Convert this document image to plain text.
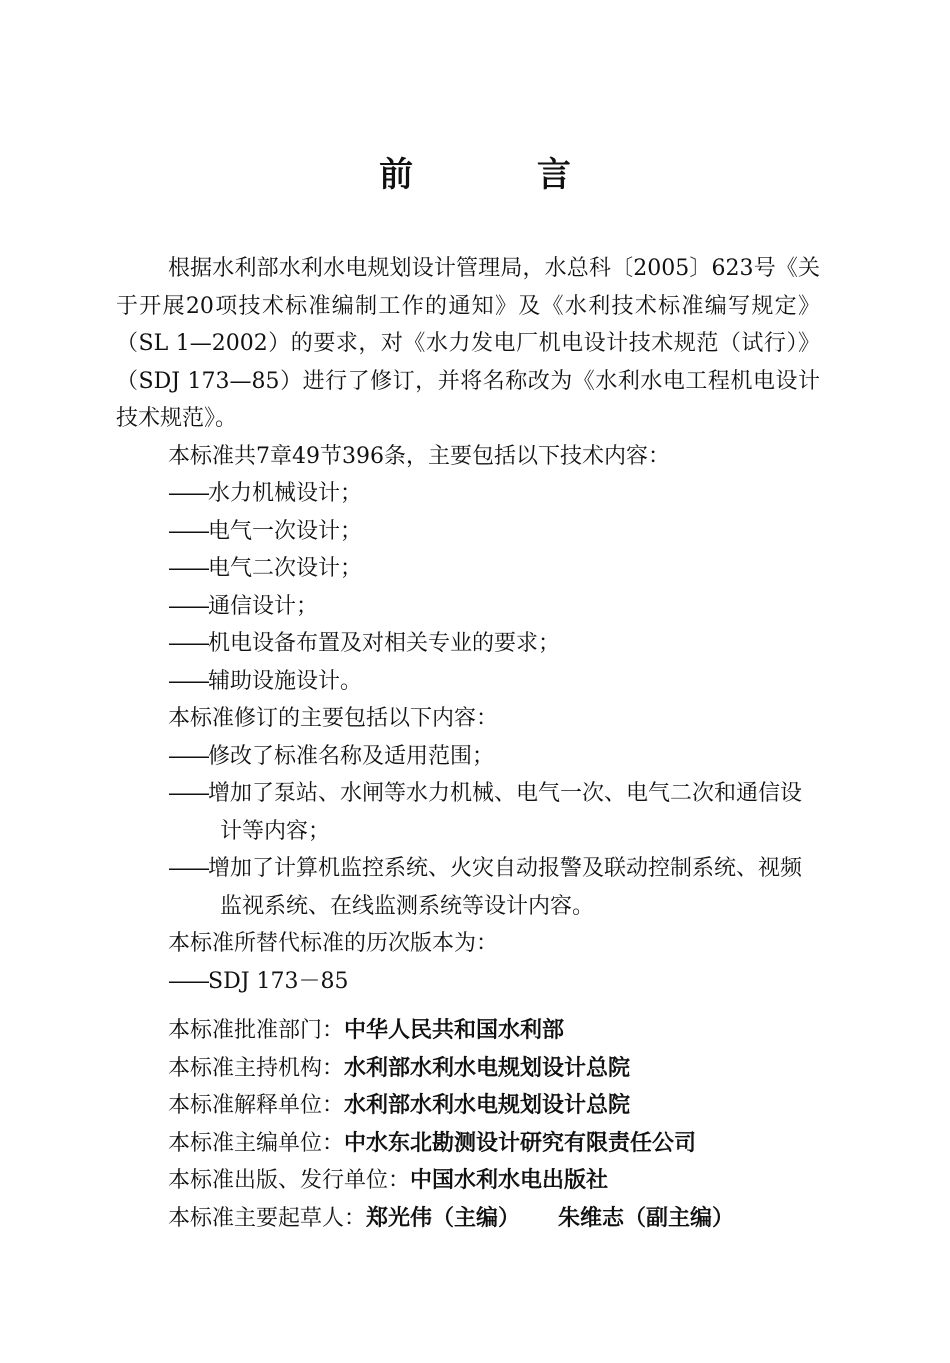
前 言

根据水利部水利水电规划设计管理局，水总科〔2005〕623号《关于开展20项技术标准编制工作的通知》及《水利技术标准编写规定》（SL 1—2002）的要求，对《水力发电厂机电设计技术规范（试行）》（SDJ 173—85）进行了修订，并将名称改为《水利水电工程机电设计技术规范》。

本标准共7章49节396条，主要包括以下技术内容：

——水力机械设计；

——电气一次设计；

——电气二次设计；

——通信设计；

——机电设备布置及对相关专业的要求；

——辅助设施设计。

本标准修订的主要包括以下内容：

——修改了标准名称及适用范围；

——增加了泵站、水闸等水力机械、电气一次、电气二次和通信设计等内容；

——增加了计算机监控系统、火灾自动报警及联动控制系统、视频监视系统、在线监测系统等设计内容。

本标准所替代标准的历次版本为：

——SDJ 173－85

本标准批准部门：中华人民共和国水利部

本标准主持机构：水利部水利水电规划设计总院

本标准解释单位：水利部水利水电规划设计总院

本标准主编单位：中水东北勘测设计研究有限责任公司

本标准出版、发行单位：中国水利水电出版社

本标准主要起草人：郑光伟（主编） 朱维志（副主编）
